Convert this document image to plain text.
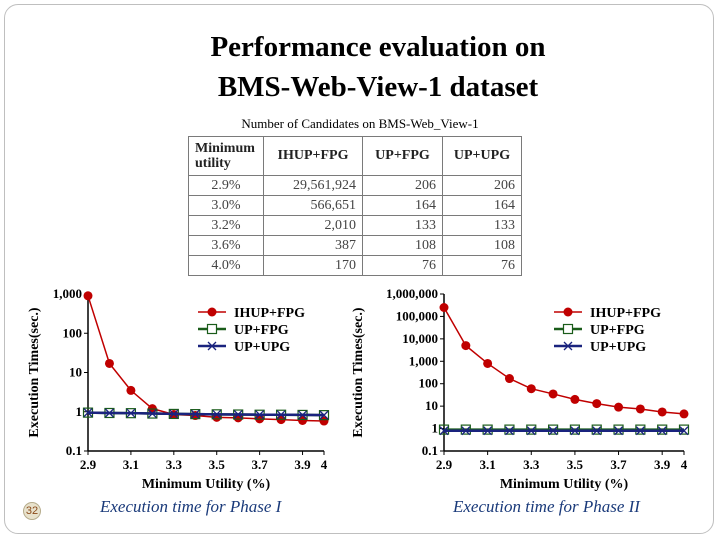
Performance evaluation on
BMS-Web-View-1 dataset
Number of Candidates on BMS-Web_View-1
Minimum
utility	IHUP+FPG	UP+FPG	UP+UPG
2.9%	29,561,924	206	206
3.0%	566,651	164	164
3.2%	2,010	133	133
3.6%	387	108	108
4.0%	170	76	76
0.1
1
10
100
1,000
2.9 3.1 3.3 3.5 3.7 3.9 4
Minimum Utility (%)
Execution Times(sec.)	IHUP+FPG
UP+FPG
UP+UPG
0.1
1
10
100
1,000
10,000
100,000
1,000,000
2.9 3.1 3.3 3.5 3.7 3.9 4
Minimum Utility (%)
Execution Times(sec.)	IHUP+FPG
UP+FPG
UP+UPG
32	Execution time for Phase I	Execution time for Phase II
